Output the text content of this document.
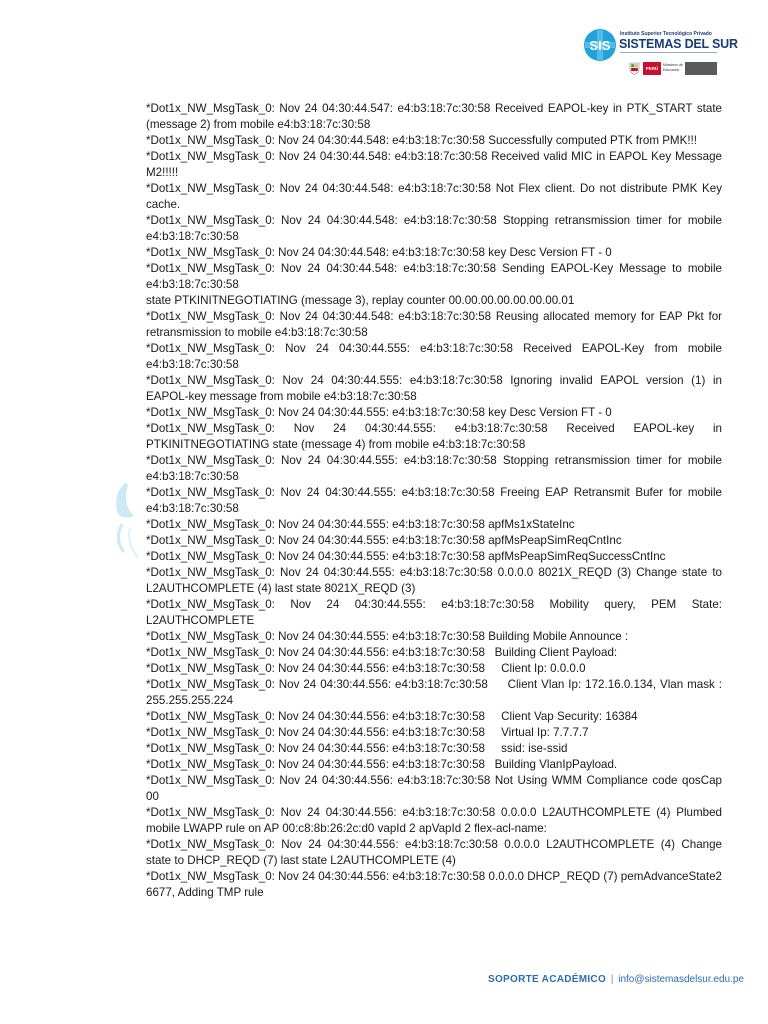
SIS
Instituto Superior Tecnológico Privado
SISTEMAS DEL SUR
PERÚ
Ministerio de Educación
*Dot1x_NW_MsgTask_0: Nov 24 04:30:44.547: e4:b3:18:7c:30:58 Received EAPOL-key in PTK_START state (message 2) from mobile e4:b3:18:7c:30:58
*Dot1x_NW_MsgTask_0: Nov 24 04:30:44.548: e4:b3:18:7c:30:58 Successfully computed PTK from PMK!!!
*Dot1x_NW_MsgTask_0: Nov 24 04:30:44.548: e4:b3:18:7c:30:58 Received valid MIC in EAPOL Key Message M2!!!!!
*Dot1x_NW_MsgTask_0: Nov 24 04:30:44.548: e4:b3:18:7c:30:58 Not Flex client. Do not distribute PMK Key cache.
*Dot1x_NW_MsgTask_0: Nov 24 04:30:44.548: e4:b3:18:7c:30:58 Stopping retransmission timer for mobile e4:b3:18:7c:30:58
*Dot1x_NW_MsgTask_0: Nov 24 04:30:44.548: e4:b3:18:7c:30:58 key Desc Version FT - 0
*Dot1x_NW_MsgTask_0: Nov 24 04:30:44.548: e4:b3:18:7c:30:58 Sending EAPOL-Key Message to mobile e4:b3:18:7c:30:58
state PTKINITNEGOTIATING (message 3), replay counter 00.00.00.00.00.00.00.01
*Dot1x_NW_MsgTask_0: Nov 24 04:30:44.548: e4:b3:18:7c:30:58 Reusing allocated memory for EAP Pkt for retransmission to mobile e4:b3:18:7c:30:58
*Dot1x_NW_MsgTask_0: Nov 24 04:30:44.555: e4:b3:18:7c:30:58 Received EAPOL-Key from mobile e4:b3:18:7c:30:58
*Dot1x_NW_MsgTask_0: Nov 24 04:30:44.555: e4:b3:18:7c:30:58 Ignoring invalid EAPOL version (1) in EAPOL-key message from mobile e4:b3:18:7c:30:58
*Dot1x_NW_MsgTask_0: Nov 24 04:30:44.555: e4:b3:18:7c:30:58 key Desc Version FT - 0
*Dot1x_NW_MsgTask_0: Nov 24 04:30:44.555: e4:b3:18:7c:30:58 Received EAPOL-key in PTKINITNEGOTIATING state (message 4) from mobile e4:b3:18:7c:30:58
*Dot1x_NW_MsgTask_0: Nov 24 04:30:44.555: e4:b3:18:7c:30:58 Stopping retransmission timer for mobile e4:b3:18:7c:30:58
*Dot1x_NW_MsgTask_0: Nov 24 04:30:44.555: e4:b3:18:7c:30:58 Freeing EAP Retransmit Bufer for mobile e4:b3:18:7c:30:58
*Dot1x_NW_MsgTask_0: Nov 24 04:30:44.555: e4:b3:18:7c:30:58 apfMs1xStateInc
*Dot1x_NW_MsgTask_0: Nov 24 04:30:44.555: e4:b3:18:7c:30:58 apfMsPeapSimReqCntInc
*Dot1x_NW_MsgTask_0: Nov 24 04:30:44.555: e4:b3:18:7c:30:58 apfMsPeapSimReqSuccessCntInc
*Dot1x_NW_MsgTask_0: Nov 24 04:30:44.555: e4:b3:18:7c:30:58 0.0.0.0 8021X_REQD (3) Change state to L2AUTHCOMPLETE (4) last state 8021X_REQD (3)
*Dot1x_NW_MsgTask_0: Nov 24 04:30:44.555: e4:b3:18:7c:30:58 Mobility query, PEM State: L2AUTHCOMPLETE
*Dot1x_NW_MsgTask_0: Nov 24 04:30:44.555: e4:b3:18:7c:30:58 Building Mobile Announce :
*Dot1x_NW_MsgTask_0: Nov 24 04:30:44.556: e4:b3:18:7c:30:58   Building Client Payload:
*Dot1x_NW_MsgTask_0: Nov 24 04:30:44.556: e4:b3:18:7c:30:58     Client Ip: 0.0.0.0
*Dot1x_NW_MsgTask_0: Nov 24 04:30:44.556: e4:b3:18:7c:30:58     Client Vlan Ip: 172.16.0.134, Vlan mask : 255.255.255.224
*Dot1x_NW_MsgTask_0: Nov 24 04:30:44.556: e4:b3:18:7c:30:58     Client Vap Security: 16384
*Dot1x_NW_MsgTask_0: Nov 24 04:30:44.556: e4:b3:18:7c:30:58     Virtual Ip: 7.7.7.7
*Dot1x_NW_MsgTask_0: Nov 24 04:30:44.556: e4:b3:18:7c:30:58     ssid: ise-ssid
*Dot1x_NW_MsgTask_0: Nov 24 04:30:44.556: e4:b3:18:7c:30:58   Building VlanIpPayload.
*Dot1x_NW_MsgTask_0: Nov 24 04:30:44.556: e4:b3:18:7c:30:58 Not Using WMM Compliance code qosCap 00
*Dot1x_NW_MsgTask_0: Nov 24 04:30:44.556: e4:b3:18:7c:30:58 0.0.0.0 L2AUTHCOMPLETE (4) Plumbed mobile LWAPP rule on AP 00:c8:8b:26:2c:d0 vapId 2 apVapId 2 flex-acl-name:
*Dot1x_NW_MsgTask_0: Nov 24 04:30:44.556: e4:b3:18:7c:30:58 0.0.0.0 L2AUTHCOMPLETE (4) Change state to DHCP_REQD (7) last state L2AUTHCOMPLETE (4)
*Dot1x_NW_MsgTask_0: Nov 24 04:30:44.556: e4:b3:18:7c:30:58 0.0.0.0 DHCP_REQD (7) pemAdvanceState2 6677, Adding TMP rule
SOPORTE ACADÉMICO | info@sistemasdelsur.edu.pe
